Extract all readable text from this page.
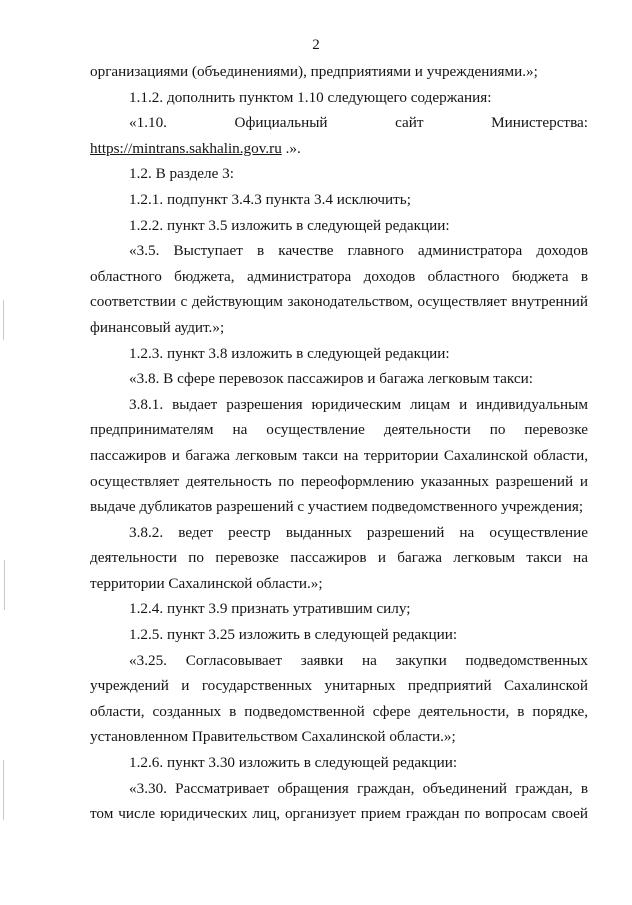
2

организациями (объединениями), предприятиями и учреждениями.»;

1.1.2. дополнить пунктом 1.10 следующего содержания:

«1.10. Официальный сайт Министерства: https://mintrans.sakhalin.gov.ru .».

1.2. В разделе 3:

1.2.1. подпункт 3.4.3 пункта 3.4 исключить;

1.2.2. пункт 3.5 изложить в следующей редакции:

«3.5. Выступает в качестве главного администратора доходов областного бюджета, администратора доходов областного бюджета в соответствии с действующим законодательством, осуществляет внутренний финансовый аудит.»;

1.2.3. пункт 3.8 изложить в следующей редакции:

«3.8. В сфере перевозок пассажиров и багажа легковым такси:

3.8.1. выдает разрешения юридическим лицам и индивидуальным предпринимателям на осуществление деятельности по перевозке пассажиров и багажа легковым такси на территории Сахалинской области, осуществляет деятельность по переоформлению указанных разрешений и выдаче дубликатов разрешений с участием подведомственного учреждения;

3.8.2. ведет реестр выданных разрешений на осуществление деятельности по перевозке пассажиров и багажа легковым такси на территории Сахалинской области.»;

1.2.4. пункт 3.9 признать утратившим силу;

1.2.5. пункт 3.25 изложить в следующей редакции:

«3.25. Согласовывает заявки на закупки подведомственных учреждений и государственных унитарных предприятий Сахалинской области, созданных в подведомственной сфере деятельности, в порядке, установленном Правительством Сахалинской области.»;

1.2.6. пункт 3.30 изложить в следующей редакции:

«3.30. Рассматривает обращения граждан, объединений граждан, в том числе юридических лиц, организует прием граждан по вопросам своей
